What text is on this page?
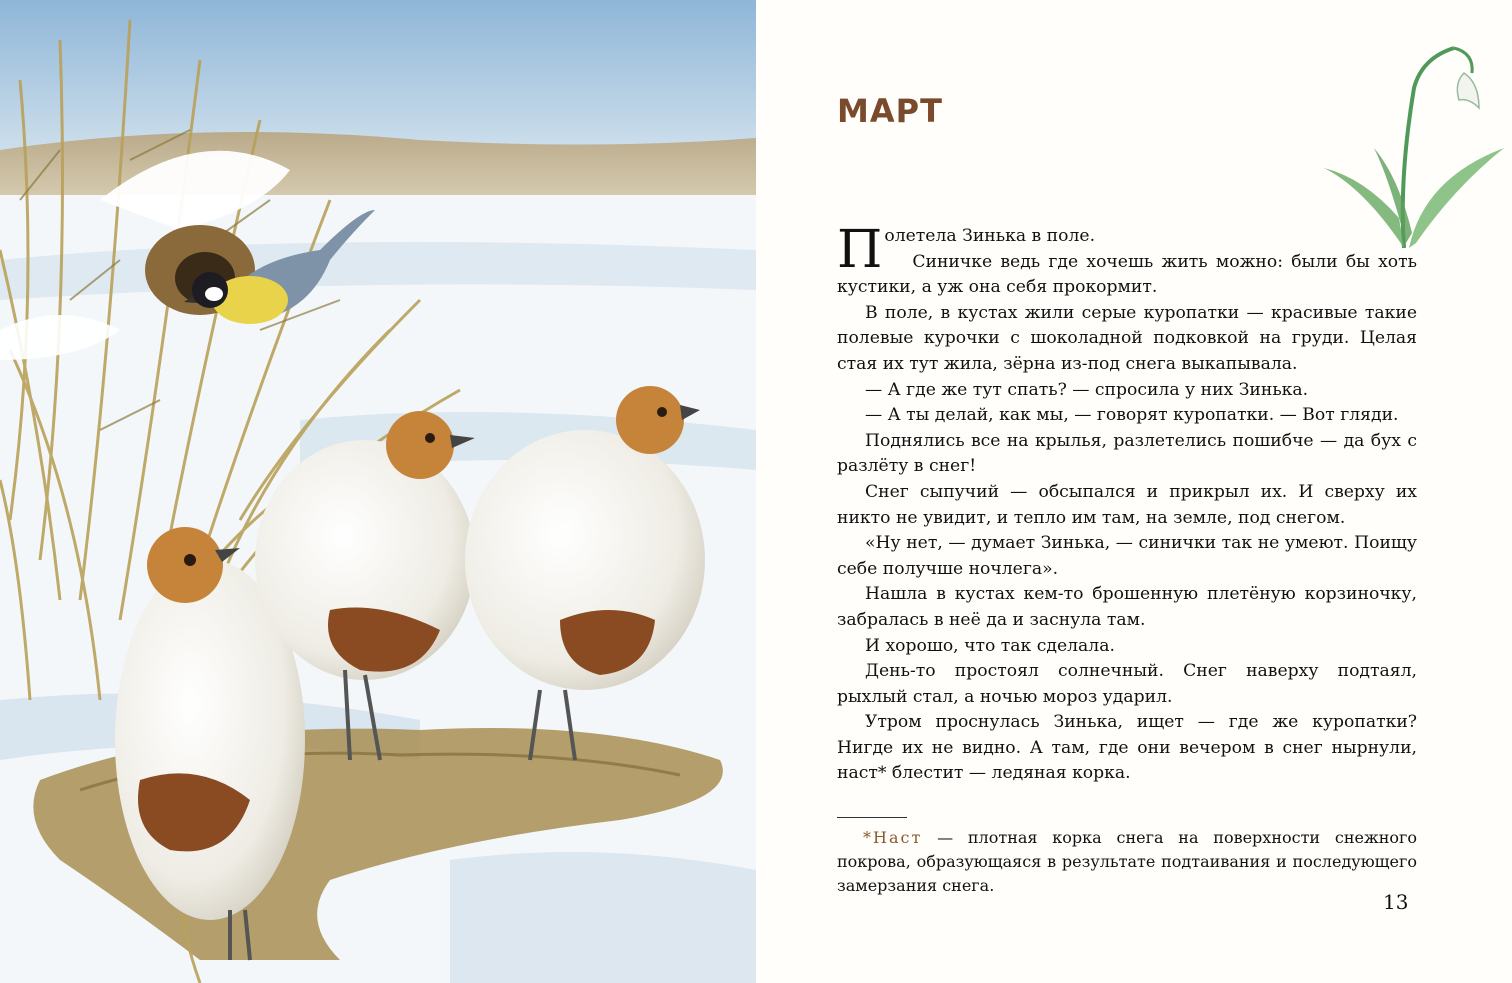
МАРТ

Полетела Зинька в поле.

Синичке ведь где хочешь жить можно: были бы хоть кустики, а уж она себя прокормит.

В поле, в кустах жили серые куропатки — красивые такие полевые курочки с шоколадной подковкой на груди. Целая стая их тут жила, зёрна из-под снега выкапывала.

— А где же тут спать? — спросила у них Зинька.

— А ты делай, как мы, — говорят куропатки. — Вот гляди.

Поднялись все на крылья, разлетелись пошибче — да бух с разлёту в снег!

Снег сыпучий — обсыпался и прикрыл их. И сверху их никто не увидит, и тепло им там, на земле, под снегом.

«Ну нет, — думает Зинька, — синички так не умеют. Поищу себе получше ночлега».

Нашла в кустах кем-то брошенную плетёную корзиночку, забралась в неё да и заснула там.

И хорошо, что так сделала.

День-то простоял солнечный. Снег наверху подтаял, рыхлый стал, а ночью мороз ударил.

Утром проснулась Зинька, ищет — где же куропатки? Нигде их не видно. А там, где они вечером в снег нырнули, наст* блестит — ледяная корка.

*Наст — плотная корка снега на поверхности снежного покрова, образующаяся в результате подтаивания и последующего замерзания снега.

13
